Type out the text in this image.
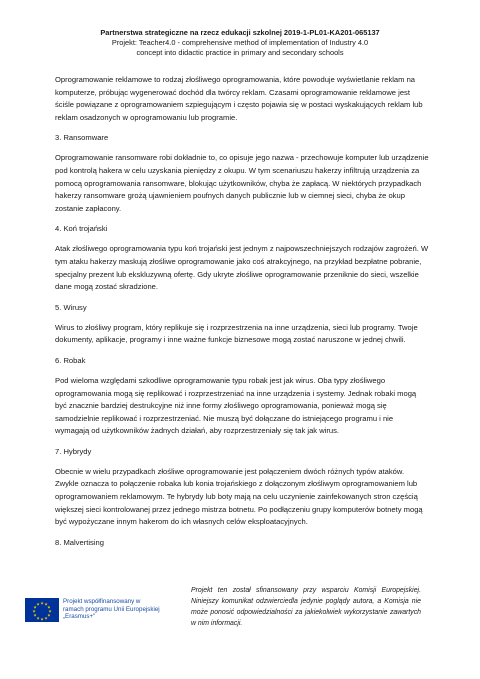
Partnerstwa strategiczne na rzecz edukacji szkolnej 2019-1-PL01-KA201-065137
Projekt: Teacher4.0 - comprehensive method of implementation of Industry 4.0
concept into didactic practice in primary and secondary schools

Oprogramowanie reklamowe to rodzaj złośliwego oprogramowania, które powoduje wyświetlanie reklam na komputerze, próbując wygenerować dochód dla twórcy reklam. Czasami oprogramowanie reklamowe jest ściśle powiązane z oprogramowaniem szpiegującym i często pojawia się w postaci wyskakujących reklam lub reklam osadzonych w oprogramowaniu lub programie.

3. Ransomware

Oprogramowanie ransomware robi dokładnie to, co opisuje jego nazwa - przechowuje komputer lub urządzenie pod kontrolą hakera w celu uzyskania pieniędzy z okupu. W tym scenariuszu hakerzy infiltrują urządzenia za pomocą oprogramowania ransomware, blokując użytkowników, chyba że zapłacą. W niektórych przypadkach hakerzy ransomware grożą ujawnieniem poufnych danych publicznie lub w ciemnej sieci, chyba że okup zostanie zapłacony.

4. Koń trojański

Atak złośliwego oprogramowania typu koń trojański jest jednym z najpowszechniejszych rodzajów zagrożeń. W tym ataku hakerzy maskują złośliwe oprogramowanie jako coś atrakcyjnego, na przykład bezpłatne pobranie, specjalny prezent lub ekskluzywną ofertę. Gdy ukryte złośliwe oprogramowanie przeniknie do sieci, wszelkie dane mogą zostać skradzione.

5. Wirusy

Wirus to złośliwy program, który replikuje się i rozprzestrzenia na inne urządzenia, sieci lub programy. Twoje dokumenty, aplikacje, programy i inne ważne funkcje biznesowe mogą zostać naruszone w jednej chwili.

6. Robak

Pod wieloma względami szkodliwe oprogramowanie typu robak jest jak wirus. Oba typy złośliwego oprogramowania mogą się replikować i rozprzestrzeniać na inne urządzenia i systemy. Jednak robaki mogą być znacznie bardziej destrukcyjne niż inne formy złośliwego oprogramowania, ponieważ mogą się samodzielnie replikować i rozprzestrzeniać. Nie muszą być dołączane do istniejącego programu i nie wymagają od użytkowników żadnych działań, aby rozprzestrzeniały się tak jak wirus.

7. Hybrydy

Obecnie w wielu przypadkach złośliwe oprogramowanie jest połączeniem dwóch różnych typów ataków. Zwykle oznacza to połączenie robaka lub konia trojańskiego z dołączonym złośliwym oprogramowaniem lub oprogramowaniem reklamowym. Te hybrydy lub boty mają na celu uczynienie zainfekowanych stron częścią większej sieci kontrolowanej przez jednego mistrza botnetu. Po podłączeniu grupy komputerów botnety mogą być wypożyczane innym hakerom do ich własnych celów eksploatacyjnych.

8. Malvertising
★ ★
★
★
★
★
★
★
★
★
★
★	Projekt współfinansowany w
ramach programu Unii Europejskiej
„Erasmus+"
Projekt ten został sfinansowany przy wsparciu Komisji Europejskiej. Niniejszy komunikat odzwierciedla jedynie poglądy autora, a Komisja nie może ponosić odpowiedzialności za jakiekolwiek wykorzystanie zawartych w nim informacji.
